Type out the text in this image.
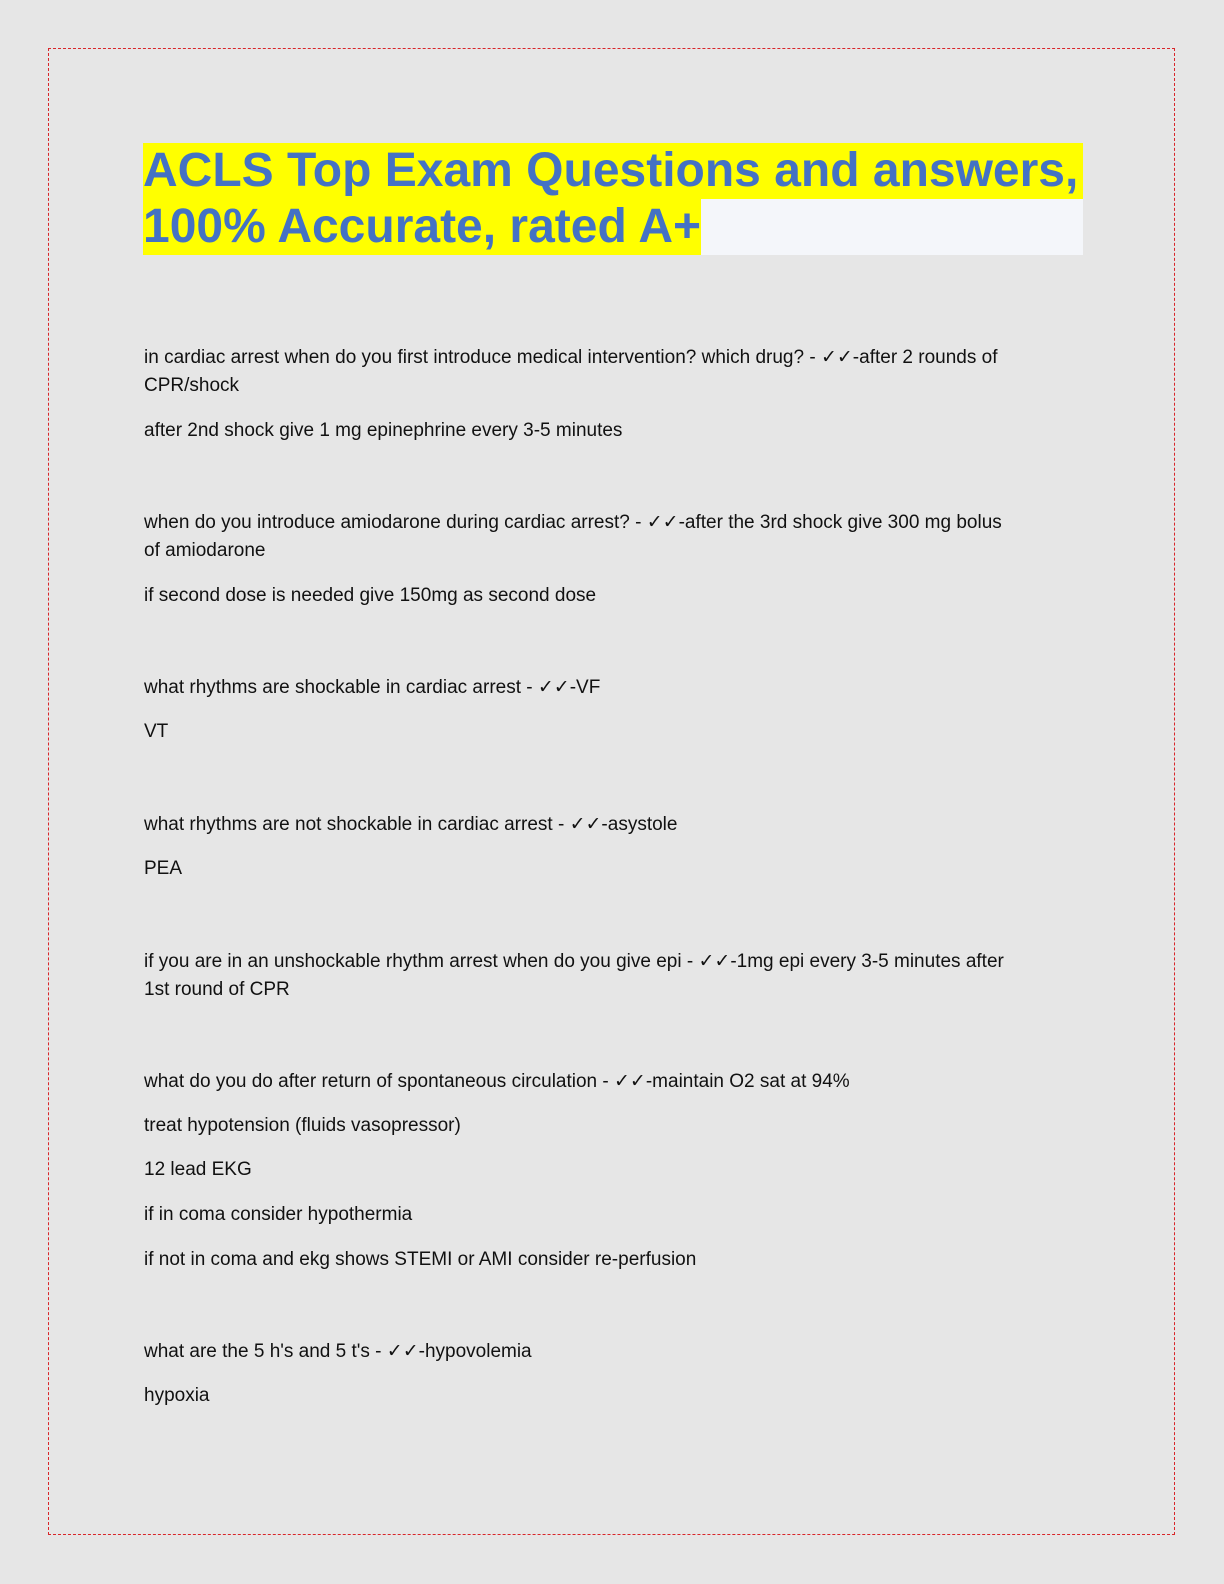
ACLS Top Exam Questions and answers,
100% Accurate, rated A+
in cardiac arrest when do you first introduce medical intervention? which drug? - ✓✓-after 2 rounds of
CPR/shock
after 2nd shock give 1 mg epinephrine every 3-5 minutes
when do you introduce amiodarone during cardiac arrest? - ✓✓-after the 3rd shock give 300 mg bolus
of amiodarone
if second dose is needed give 150mg as second dose
what rhythms are shockable in cardiac arrest - ✓✓-VF
VT
what rhythms are not shockable in cardiac arrest - ✓✓-asystole
PEA
if you are in an unshockable rhythm arrest when do you give epi - ✓✓-1mg epi every 3-5 minutes after
1st round of CPR
what do you do after return of spontaneous circulation - ✓✓-maintain O2 sat at 94%
treat hypotension (fluids vasopressor)
12 lead EKG
if in coma consider hypothermia
if not in coma and ekg shows STEMI or AMI consider re-perfusion
what are the 5 h's and 5 t's - ✓✓-hypovolemia
hypoxia
